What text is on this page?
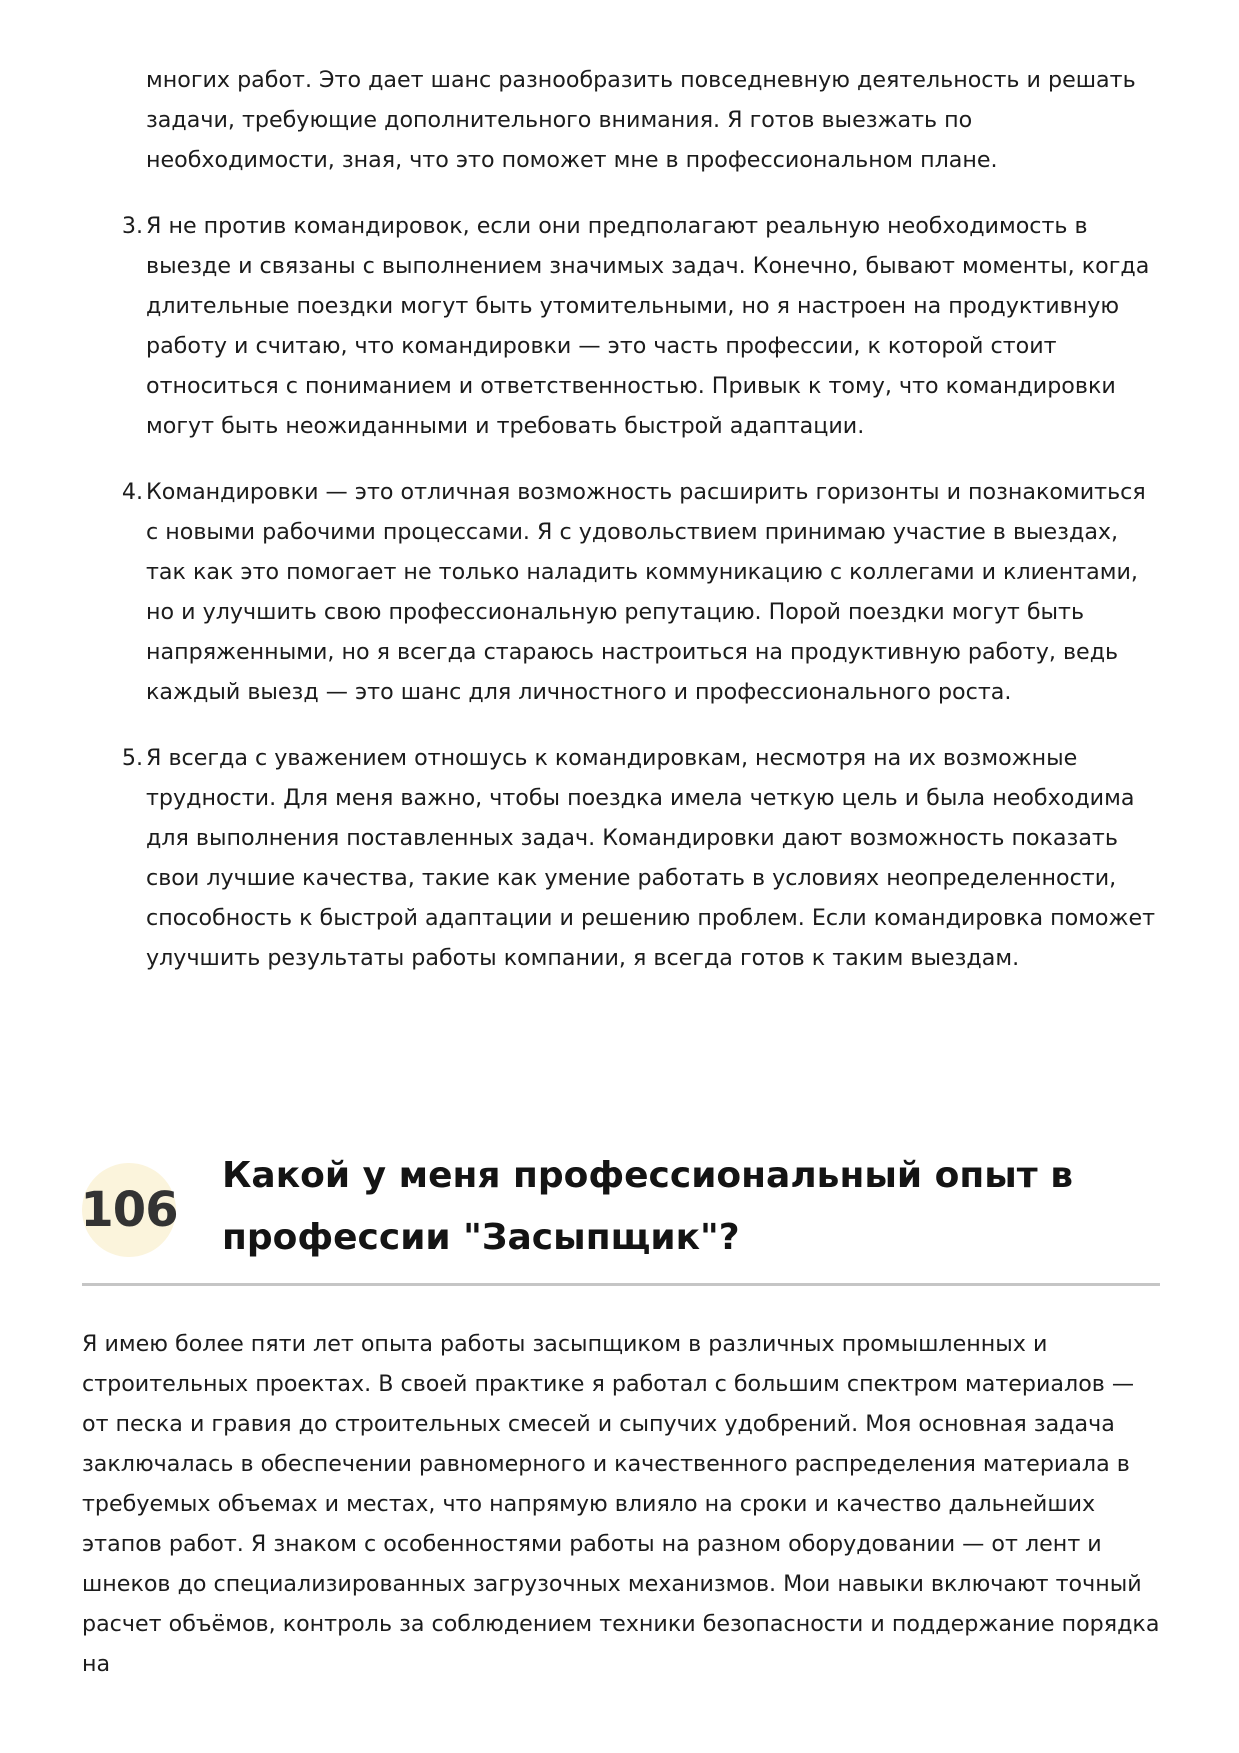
многих работ. Это дает шанс разнообразить повседневную деятельность и решать задачи, требующие дополнительного внимания. Я готов выезжать по необходимости, зная, что это поможет мне в профессиональном плане.

3. Я не против командировок, если они предполагают реальную необходимость в выезде и связаны с выполнением значимых задач. Конечно, бывают моменты, когда длительные поездки могут быть утомительными, но я настроен на продуктивную работу и считаю, что командировки — это часть профессии, к которой стоит относиться с пониманием и ответственностью. Привык к тому, что командировки могут быть неожиданными и требовать быстрой адаптации.
4. Командировки — это отличная возможность расширить горизонты и познакомиться с новыми рабочими процессами. Я с удовольствием принимаю участие в выездах, так как это помогает не только наладить коммуникацию с коллегами и клиентами, но и улучшить свою профессиональную репутацию. Порой поездки могут быть напряженными, но я всегда стараюсь настроиться на продуктивную работу, ведь каждый выезд — это шанс для личностного и профессионального роста.
5. Я всегда с уважением отношусь к командировкам, несмотря на их возможные трудности. Для меня важно, чтобы поездка имела четкую цель и была необходима для выполнения поставленных задач. Командировки дают возможность показать свои лучшие качества, такие как умение работать в условиях неопределенности, способность к быстрой адаптации и решению проблем. Если командировка поможет улучшить результаты работы компании, я всегда готов к таким выездам.
106
Какой у меня профессиональный опыт в профессии "Засыпщик"?

Я имею более пяти лет опыта работы засыпщиком в различных промышленных и строительных проектах. В своей практике я работал с большим спектром материалов — от песка и гравия до строительных смесей и сыпучих удобрений. Моя основная задача заключалась в обеспечении равномерного и качественного распределения материала в требуемых объемах и местах, что напрямую влияло на сроки и качество дальнейших этапов работ. Я знаком с особенностями работы на разном оборудовании — от лент и шнеков до специализированных загрузочных механизмов. Мои навыки включают точный расчет объёмов, контроль за соблюдением техники безопасности и поддержание порядка на
